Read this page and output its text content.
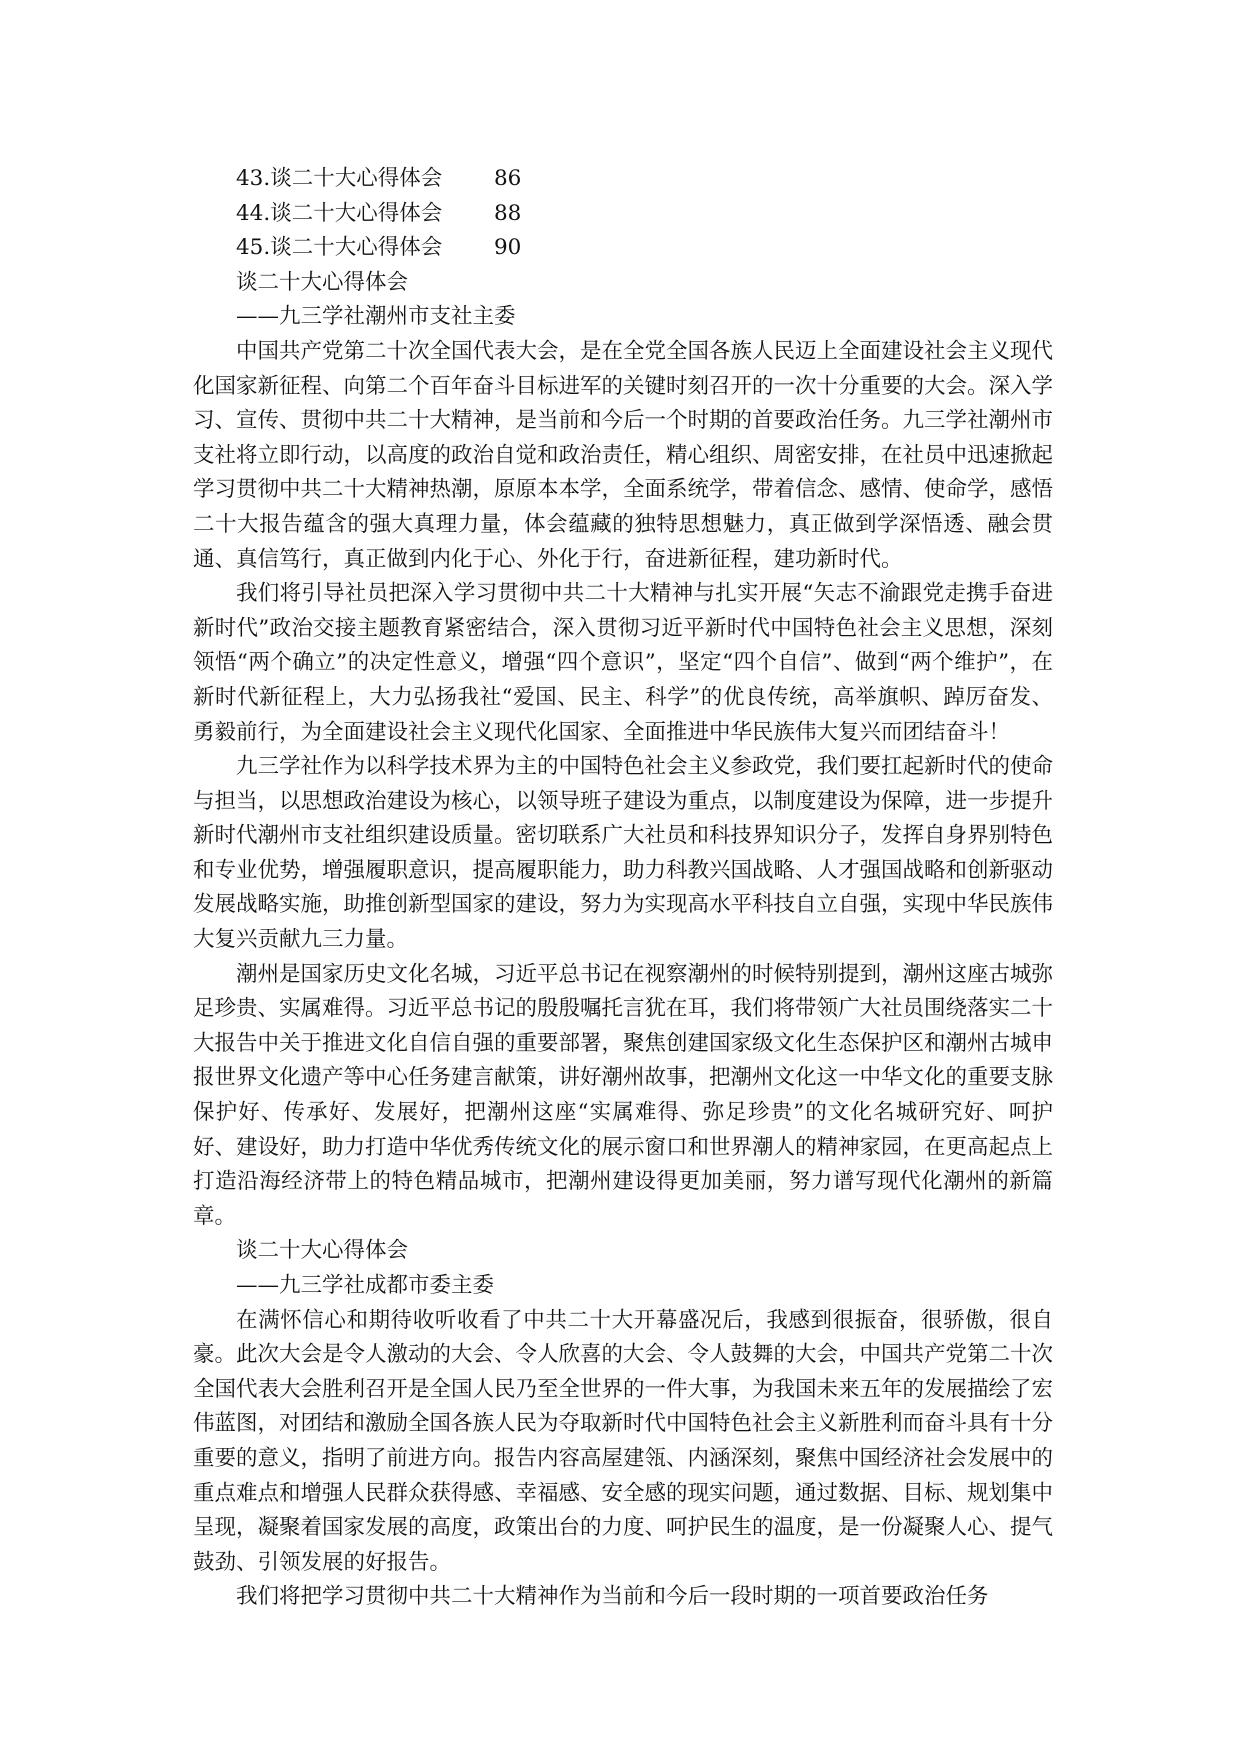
43.谈二十大心得体会 86
44.谈二十大心得体会 88
45.谈二十大心得体会 90
谈二十大心得体会
——九三学社潮州市支社主委

中国共产党第二十次全国代表大会，是在全党全国各族人民迈上全面建设社会主义现代化国家新征程、向第二个百年奋斗目标进军的关键时刻召开的一次十分重要的大会。深入学习、宣传、贯彻中共二十大精神，是当前和今后一个时期的首要政治任务。九三学社潮州市支社将立即行动，以高度的政治自觉和政治责任，精心组织、周密安排，在社员中迅速掀起学习贯彻中共二十大精神热潮，原原本本学，全面系统学，带着信念、感情、使命学，感悟二十大报告蕴含的强大真理力量，体会蕴藏的独特思想魅力，真正做到学深悟透、融会贯通、真信笃行，真正做到内化于心、外化于行，奋进新征程，建功新时代。

我们将引导社员把深入学习贯彻中共二十大精神与扎实开展“矢志不渝跟党走携手奋进新时代”政治交接主题教育紧密结合，深入贯彻习近平新时代中国特色社会主义思想，深刻领悟“两个确立”的决定性意义，增强“四个意识”，坚定“四个自信”、做到“两个维护”，在新时代新征程上，大力弘扬我社“爱国、民主、科学”的优良传统，高举旗帜、踔厉奋发、勇毅前行，为全面建设社会主义现代化国家、全面推进中华民族伟大复兴而团结奋斗！

九三学社作为以科学技术界为主的中国特色社会主义参政党，我们要扛起新时代的使命与担当，以思想政治建设为核心，以领导班子建设为重点，以制度建设为保障，进一步提升新时代潮州市支社组织建设质量。密切联系广大社员和科技界知识分子，发挥自身界别特色和专业优势，增强履职意识，提高履职能力，助力科教兴国战略、人才强国战略和创新驱动发展战略实施，助推创新型国家的建设，努力为实现高水平科技自立自强，实现中华民族伟大复兴贡献九三力量。

潮州是国家历史文化名城，习近平总书记在视察潮州的时候特别提到，潮州这座古城弥足珍贵、实属难得。习近平总书记的殷殷嘱托言犹在耳，我们将带领广大社员围绕落实二十大报告中关于推进文化自信自强的重要部署，聚焦创建国家级文化生态保护区和潮州古城申报世界文化遗产等中心任务建言献策，讲好潮州故事，把潮州文化这一中华文化的重要支脉保护好、传承好、发展好，把潮州这座“实属难得、弥足珍贵”的文化名城研究好、呵护好、建设好，助力打造中华优秀传统文化的展示窗口和世界潮人的精神家园，在更高起点上打造沿海经济带上的特色精品城市，把潮州建设得更加美丽，努力谱写现代化潮州的新篇章。

谈二十大心得体会
——九三学社成都市委主委

在满怀信心和期待收听收看了中共二十大开幕盛况后，我感到很振奋，很骄傲，很自豪。此次大会是令人激动的大会、令人欣喜的大会、令人鼓舞的大会，中国共产党第二十次全国代表大会胜利召开是全国人民乃至全世界的一件大事，为我国未来五年的发展描绘了宏伟蓝图，对团结和激励全国各族人民为夺取新时代中国特色社会主义新胜利而奋斗具有十分重要的意义，指明了前进方向。报告内容高屋建瓴、内涵深刻，聚焦中国经济社会发展中的重点难点和增强人民群众获得感、幸福感、安全感的现实问题，通过数据、目标、规划集中呈现，凝聚着国家发展的高度，政策出台的力度、呵护民生的温度，是一份凝聚人心、提气鼓劲、引领发展的好报告。

我们将把学习贯彻中共二十大精神作为当前和今后一段时期的一项首要政治任务
